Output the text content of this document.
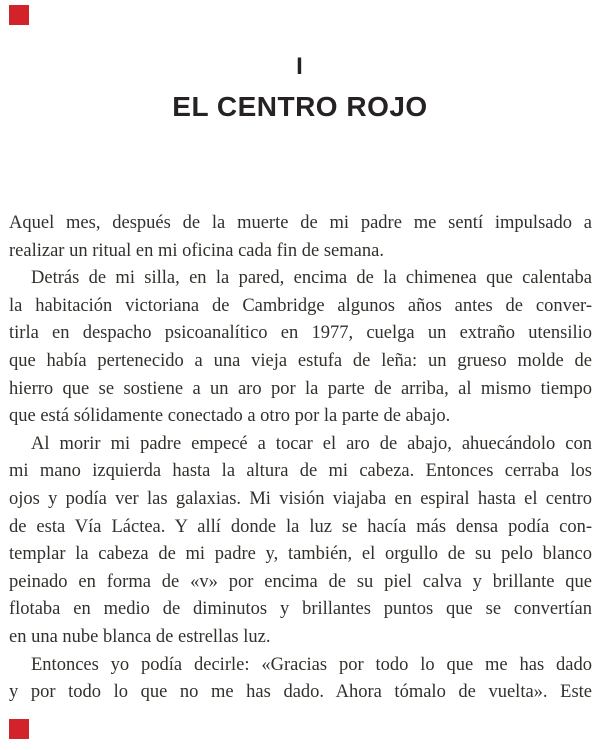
I
EL CENTRO ROJO
Aquel mes, después de la muerte de mi padre me sentí impulsado a
realizar un ritual en mi oficina cada fin de semana.
Detrás de mi silla, en la pared, encima de la chimenea que calentaba
la habitación victoriana de Cambridge algunos años antes de conver-
tirla en despacho psicoanalítico en 1977, cuelga un extraño utensilio
que había pertenecido a una vieja estufa de leña: un grueso molde de
hierro que se sostiene a un aro por la parte de arriba, al mismo tiempo
que está sólidamente conectado a otro por la parte de abajo.
Al morir mi padre empecé a tocar el aro de abajo, ahuecándolo con
mi mano izquierda hasta la altura de mi cabeza. Entonces cerraba los
ojos y podía ver las galaxias. Mi visión viajaba en espiral hasta el centro
de esta Vía Láctea. Y allí donde la luz se hacía más densa podía con-
templar la cabeza de mi padre y, también, el orgullo de su pelo blanco
peinado en forma de «v» por encima de su piel calva y brillante que
flotaba en medio de diminutos y brillantes puntos que se convertían
en una nube blanca de estrellas luz.
Entonces yo podía decirle: «Gracias por todo lo que me has dado
y por todo lo que no me has dado. Ahora tómalo de vuelta». Este
